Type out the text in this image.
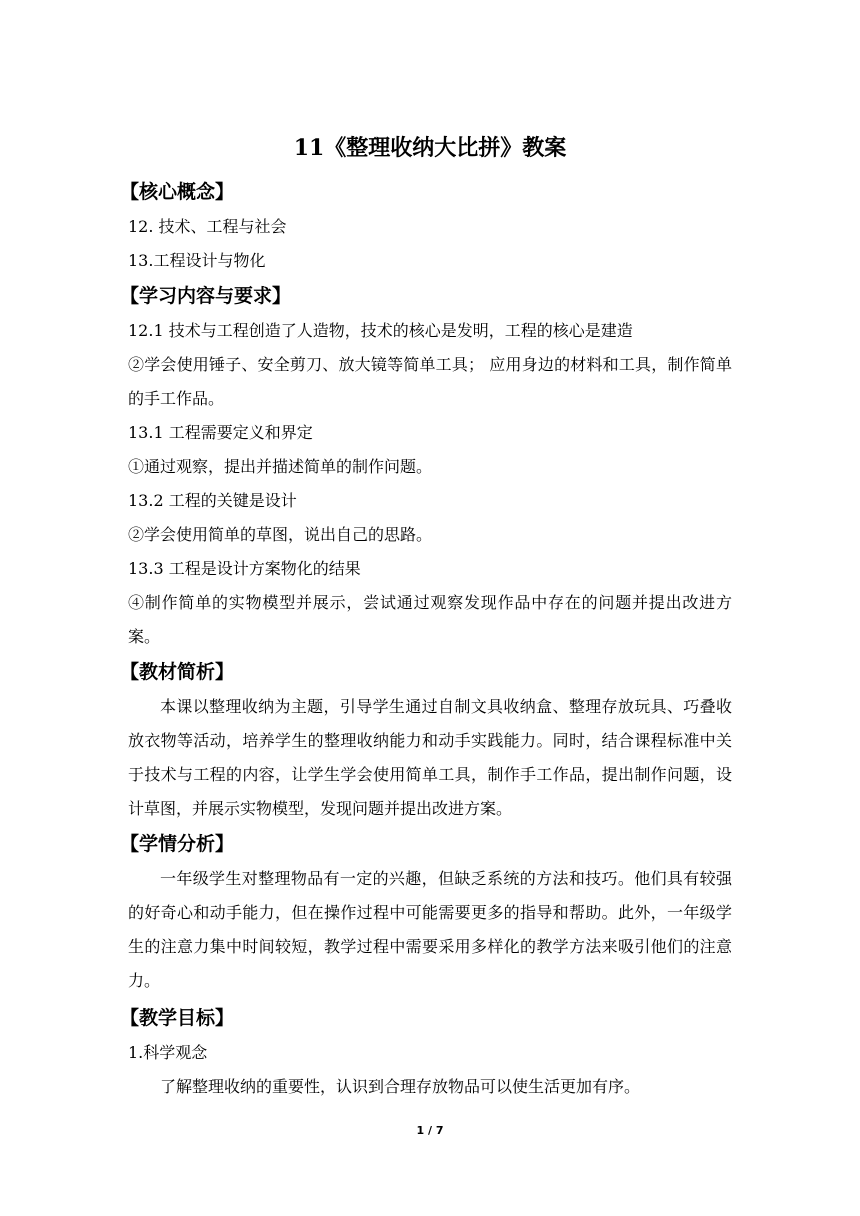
11《整理收纳大比拼》教案
【核心概念】

12. 技术、工程与社会

13.工程设计与物化

【学习内容与要求】

12.1 技术与工程创造了人造物，技术的核心是发明，工程的核心是建造

②学会使用锤子、安全剪刀、放大镜等简单工具； 应用身边的材料和工具，制作简单的手工作品。

13.1 工程需要定义和界定

①通过观察，提出并描述简单的制作问题。

13.2 工程的关键是设计

②学会使用简单的草图，说出自己的思路。

13.3 工程是设计方案物化的结果

④制作简单的实物模型并展示，尝试通过观察发现作品中存在的问题并提出改进方案。

【教材简析】

本课以整理收纳为主题，引导学生通过自制文具收纳盒、整理存放玩具、巧叠收放衣物等活动，培养学生的整理收纳能力和动手实践能力。同时，结合课程标准中关于技术与工程的内容，让学生学会使用简单工具，制作手工作品，提出制作问题，设计草图，并展示实物模型，发现问题并提出改进方案。

【学情分析】

一年级学生对整理物品有一定的兴趣，但缺乏系统的方法和技巧。他们具有较强的好奇心和动手能力，但在操作过程中可能需要更多的指导和帮助。此外，一年级学生的注意力集中时间较短，教学过程中需要采用多样化的教学方法来吸引他们的注意力。

【教学目标】

1.科学观念

了解整理收纳的重要性，认识到合理存放物品可以使生活更加有序。

1 / 7
